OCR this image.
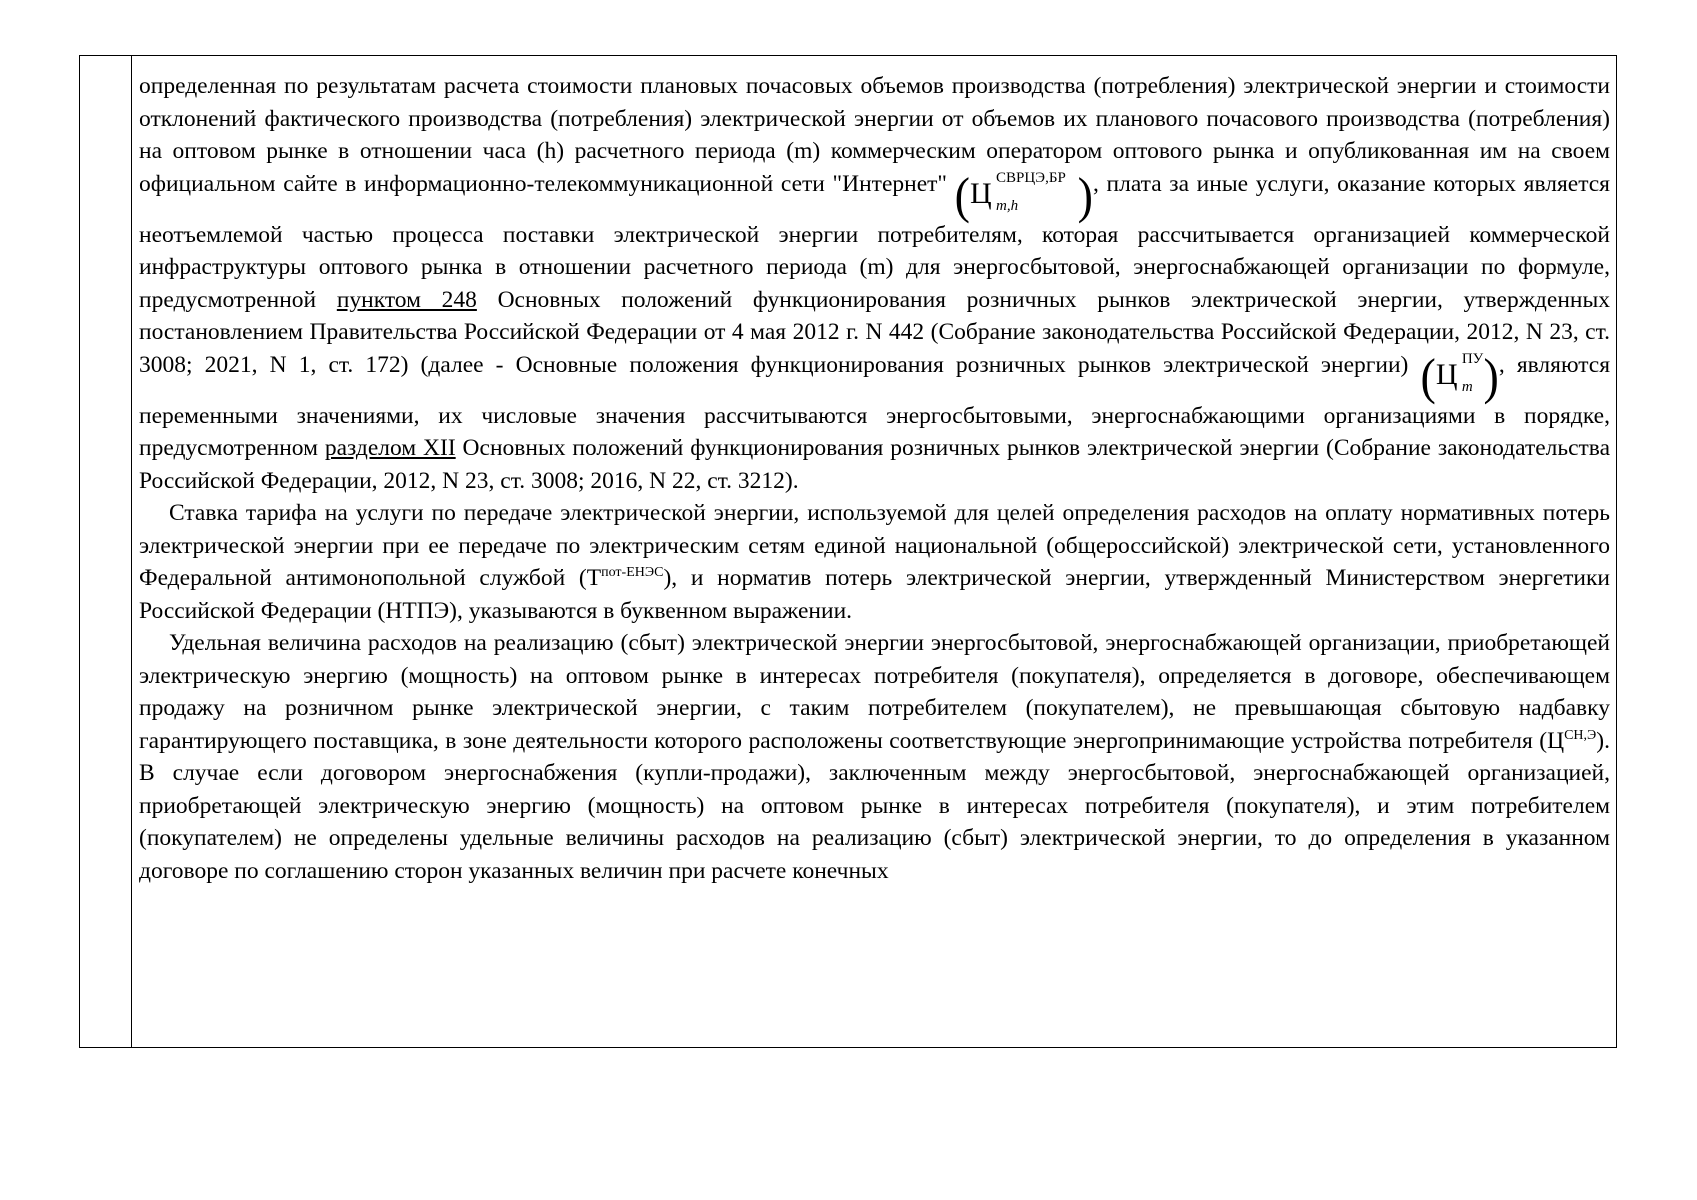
определенная по результатам расчета стоимости плановых почасовых объемов производства (потребления) электрической энергии и стоимости отклонений фактического производства (потребления) электрической энергии от объемов их планового почасового производства (потребления) на оптовом рынке в отношении часа (h) расчетного периода (m) коммерческим оператором оптового рынка и опубликованная им на своем официальном сайте в информационно-телекоммуникационной сети "Интернет" (Ц СВРЦЭ,БР
m,h ), плата за иные услуги, оказание которых является неотъемлемой частью процесса поставки электрической энергии потребителям, которая рассчитывается организацией коммерческой инфраструктуры оптового рынка в отношении расчетного периода (m) для энергосбытовой, энергоснабжающей организации по формуле, предусмотренной пунктом 248 Основных положений функционирования розничных рынков электрической энергии, утвержденных постановлением Правительства Российской Федерации от 4 мая 2012 г. N 442 (Собрание законодательства Российской Федерации, 2012, N 23, ст. 3008; 2021, N 1, ст. 172) (далее - Основные положения функционирования розничных рынков электрической энергии) (Ц ПУ
m ), являются переменными значениями, их числовые значения рассчитываются энергосбытовыми, энергоснабжающими организациями в порядке, предусмотренном разделом XII Основных положений функционирования розничных рынков электрической энергии (Собрание законодательства Российской Федерации, 2012, N 23, ст. 3008; 2016, N 22, ст. 3212).

Ставка тарифа на услуги по передаче электрической энергии, используемой для целей определения расходов на оплату нормативных потерь электрической энергии при ее передаче по электрическим сетям единой национальной (общероссийской) электрической сети, установленного Федеральной антимонопольной службой $(Т^{пот-ЕНЭС})$, и норматив потерь электрической энергии, утвержденный Министерством энергетики Российской Федерации (НТПЭ), указываются в буквенном выражении.

Удельная величина расходов на реализацию (сбыт) электрической энергии энергосбытовой, энергоснабжающей организации, приобретающей электрическую энергию (мощность) на оптовом рынке в интересах потребителя (покупателя), определяется в договоре, обеспечивающем продажу на розничном рынке электрической энергии, с таким потребителем (покупателем), не превышающая сбытовую надбавку гарантирующего поставщика, в зоне деятельности которого расположены соответствующие энергопринимающие устройства потребителя $(Ц^{СН,Э})$. В случае если договором энергоснабжения (купли-продажи), заключенным между энергосбытовой, энергоснабжающей организацией, приобретающей электрическую энергию (мощность) на оптовом рынке в интересах потребителя (покупателя), и этим потребителем (покупателем) не определены удельные величины расходов на реализацию (сбыт) электрической энергии, то до определения в указанном договоре по соглашению сторон указанных величин при расчете конечных
